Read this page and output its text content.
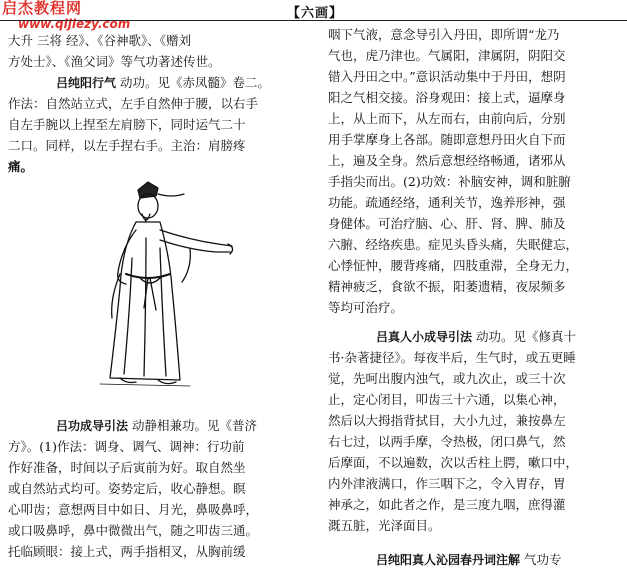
【六画】
启杰教程网
www.qijiezy.com
大升 三将 经》、《谷神歌》、《赠刘
方处士》、《渔父词》等气功著述传世。
吕纯阳行气 动功。见《赤凤髓》卷二。
作法：自然站立式，左手自然伸于腰，以右手
自左手腕以上捏至左肩膀下，同时运气二十
二口。同样，以左手捏右手。主治：肩膀疼
痛。
吕功成导引法 动静相兼功。见《普济
方》。(1)作法：调身、调气、调神：行功前
作好准备，时间以子后寅前为好。取自然坐
或自然站式均可。姿势定后，收心静想。瞑
心叩齿；意想两目中如日、月光，鼻吸鼻呼，
或口吸鼻呼，鼻中微微出气，随之叩齿三通。
托临顾眼：接上式，两手指相叉，从胸前缓
咽下气液，意念导引入丹田，即所谓“龙乃
气也，虎乃津也。气属阳，津属阴，阴阳交
错入丹田之中。”意识活动集中于丹田，想阴
阳之气相交接。浴身观田：接上式，逼摩身
上，从上而下，从左而右，由前向后，分别
用手掌摩身上各部。随即意想丹田火自下而
上，遍及全身。然后意想经络畅通，诸邪从
手指尖而出。(2)功效：补脑安神，调和脏腑
功能。疏通经络，通利关节，逸养形神，强
身健体。可治疗脑、心、肝、肾、脾、肺及
六腑、经络疾患。症见头昏头痛，失眠健忘，
心悸怔忡，腰背疼痛，四肢重滞，全身无力，
精神疲乏，食欲不振，阳萎遗精，夜尿频多
等均可治疗。
吕真人小成导引法 动功。见《修真十
书·杂著捷径》。每夜半后，生气时，或五更睡
觉，先呵出腹内浊气，或九次止，或三十次
止，定心闭目，叩齿三十六通，以集心神，
然后以大拇指背拭目，大小九过，兼按鼻左
右七过，以两手摩，令热极，闭口鼻气，然
后摩面，不以遍数，次以舌柱上腭，嗽口中，
内外津液满口，作三咽下之，令入胃存，胃
神承之，如此者之作，是三度九咽，庶得灌
溉五脏，光泽面目。
吕纯阳真人沁园春丹词注解 气功专
